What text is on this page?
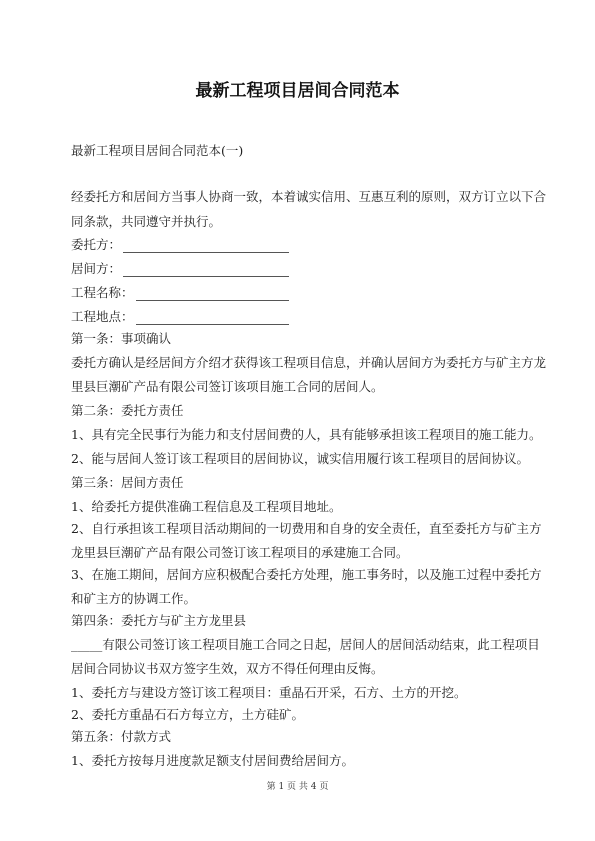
最新工程项目居间合同范本
最新工程项目居间合同范本(一)
经委托方和居间方当事人协商一致，本着诚实信用、互惠互利的原则，双方订立以下合
同条款，共同遵守并执行。
委托方：
居间方：
工程名称：
工程地点：
第一条：事项确认
委托方确认是经居间方介绍才获得该工程项目信息，并确认居间方为委托方与矿主方龙
里县巨潮矿产品有限公司签订该项目施工合同的居间人。
第二条：委托方责任
1、具有完全民事行为能力和支付居间费的人，具有能够承担该工程项目的施工能力。
2、能与居间人签订该工程项目的居间协议，诚实信用履行该工程项目的居间协议。
第三条：居间方责任
1、给委托方提供准确工程信息及工程项目地址。
2、自行承担该工程项目活动期间的一切费用和自身的安全责任，直至委托方与矿主方
龙里县巨潮矿产品有限公司签订该工程项目的承建施工合同。
3、在施工期间，居间方应积极配合委托方处理，施工事务时，以及施工过程中委托方
和矿主方的协调工作。
第四条：委托方与矿主方龙里县
_____有限公司签订该工程项目施工合同之日起，居间人的居间活动结束，此工程项目
居间合同协议书双方签字生效，双方不得任何理由反悔。
1、委托方与建设方签订该工程项目：重晶石开采，石方、土方的开挖。
2、委托方重晶石石方每立方，土方硅矿。
第五条：付款方式
1、委托方按每月进度款足额支付居间费给居间方。
第 1 页 共 4 页
